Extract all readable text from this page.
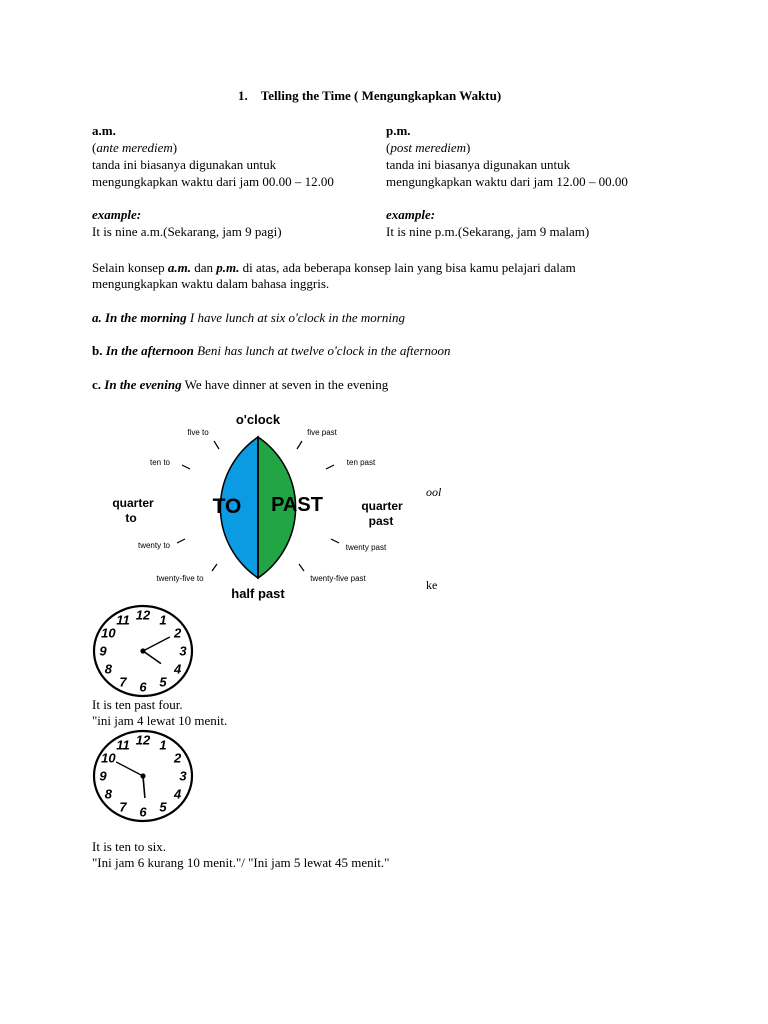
1. Telling the Time ( Mengungkapkan Waktu)
a.m.
(ante merediem)
tanda ini biasanya digunakan untuk
mengungkapkan waktu dari jam 00.00 – 12.00
example:
It is nine a.m.(Sekarang, jam 9 pagi)
p.m.
(post merediem)
tanda ini biasanya digunakan untuk
mengungkapkan waktu dari jam 12.00 – 00.00
example:
It is nine p.m.(Sekarang, jam 9 malam)
Selain konsep a.m. dan p.m. di atas, ada beberapa konsep lain yang bisa kamu pelajari dalam
mengungkapkan waktu dalam bahasa inggris.
a. In the morning I have lunch at six o'clock in the morning
b. In the afternoon Beni has lunch at twelve o'clock in the afternoon
c. In the evening We have dinner at seven in the evening
ool
ke
o'clock
half past
TO PAST
quarter
to
quarter
past
five to
ten to
twenty to
twenty-five to
five past
ten past
twenty past
twenty-five past
12 1
2
3
4
5
6
7
8
9
10
11
It is ten past four.
"ini jam 4 lewat 10 menit.
12 1
2
3
4
5
6
7
8
9
10
11
It is ten to six.
"Ini jam 6 kurang 10 menit."/ "Ini jam 5 lewat 45 menit."
